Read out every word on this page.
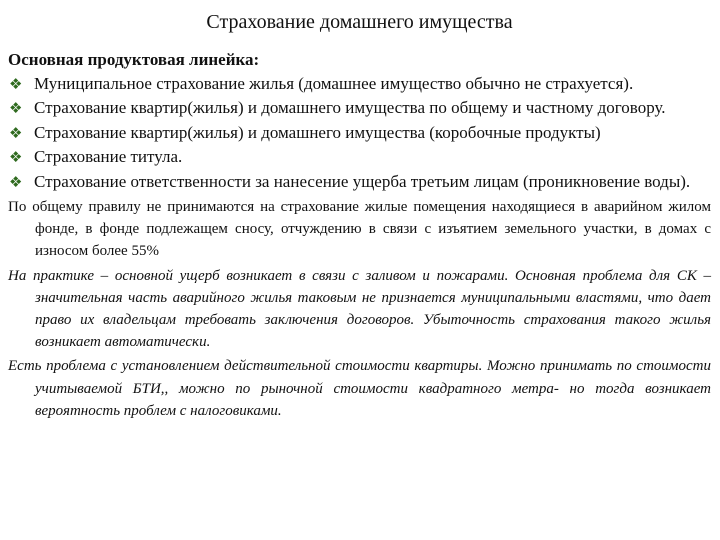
Страхование домашнего имущества

Основная продуктовая линейка:

❖ Муниципальное страхование жилья (домашнее имущество обычно не страхуется).
❖ Страхование квартир(жилья) и домашнего имущества по общему и частному договору.
❖ Страхование квартир(жилья) и домашнего имущества (коробочные продукты)
❖ Страхование титула.
❖ Страхование ответственности за нанесение ущерба третьим лицам (проникновение воды).

По общему правилу не принимаются на страхование жилые помещения находящиеся в аварийном жилом фонде, в фонде подлежащем сносу, отчуждению в связи с изъятием земельного участки, в домах с износом более 55%

На практике – основной ущерб возникает в связи с заливом и пожарами. Основная проблема для СК – значительная часть аварийного жилья таковым не признается муниципальными властями, что дает право их владельцам требовать заключения договоров. Убыточность страхования такого жилья возникает автоматически.

Есть проблема с установлением действительной стоимости квартиры. Можно принимать по стоимости учитываемой БТИ,, можно по рыночной стоимости квадратного метра- но тогда возникает вероятность проблем с налоговиками.
